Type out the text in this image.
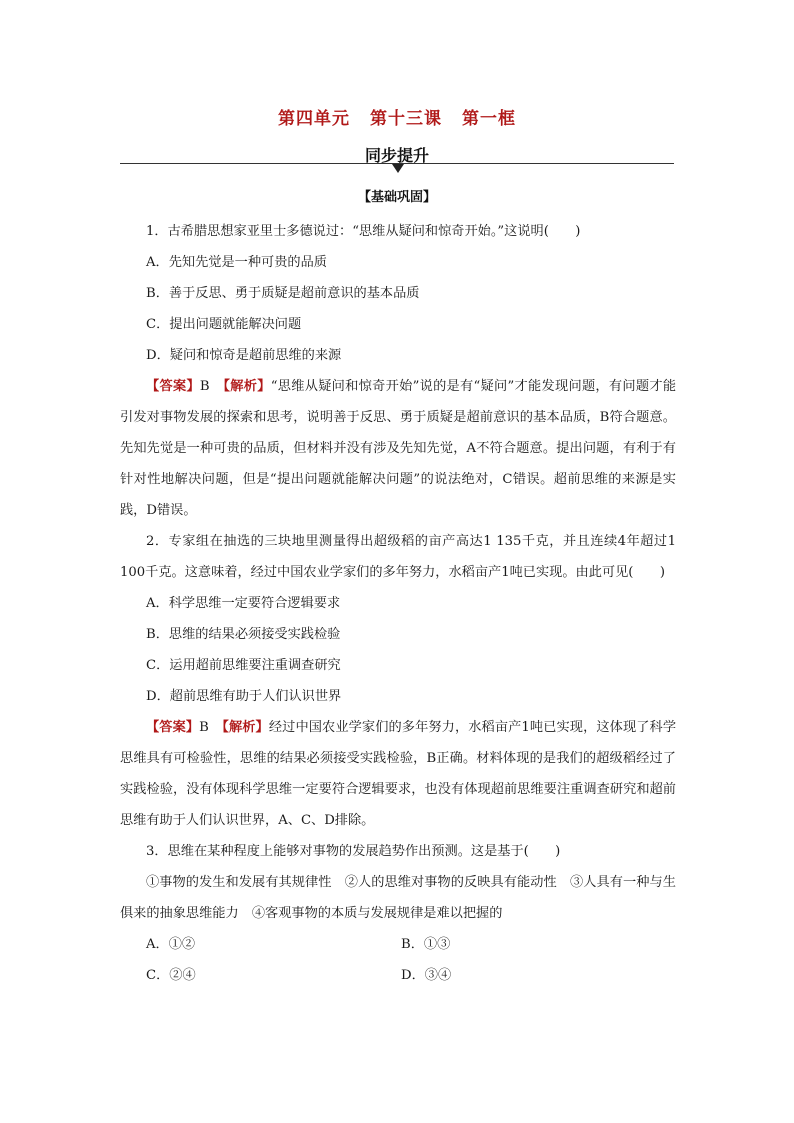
第四单元 第十三课 第一框
同步提升
【基础巩固】

1．古希腊思想家亚里士多德说过：“思维从疑问和惊奇开始。”这说明(　　)

A．先知先觉是一种可贵的品质

B．善于反思、勇于质疑是超前意识的基本品质

C．提出问题就能解决问题

D．疑问和惊奇是超前思维的来源

【答案】B　 【解析】“思维从疑问和惊奇开始”说的是有“疑问”才能发现问题，有问题才能引发对事物发展的探索和思考，说明善于反思、勇于质疑是超前意识的基本品质，B符合题意。先知先觉是一种可贵的品质，但材料并没有涉及先知先觉，A不符合题意。提出问题，有利于有针对性地解决问题，但是“提出问题就能解决问题”的说法绝对，C错误。超前思维的来源是实践，D错误。

2．专家组在抽选的三块地里测量得出超级稻的亩产高达1 135千克，并且连续4年超过1 100千克。这意味着，经过中国农业学家们的多年努力，水稻亩产1吨已实现。由此可见(　　)

A．科学思维一定要符合逻辑要求

B．思维的结果必须接受实践检验

C．运用超前思维要注重调查研究

D．超前思维有助于人们认识世界

【答案】B　 【解析】经过中国农业学家们的多年努力，水稻亩产1吨已实现，这体现了科学思维具有可检验性，思维的结果必须接受实践检验，B正确。材料体现的是我们的超级稻经过了实践检验，没有体现科学思维一定要符合逻辑要求，也没有体现超前思维要注重调查研究和超前思维有助于人们认识世界，A、C、D排除。

3．思维在某种程度上能够对事物的发展趋势作出预测。这是基于(　　)

①事物的发生和发展有其规律性　②人的思维对事物的反映具有能动性　③人具有一种与生俱来的抽象思维能力　④客观事物的本质与发展规律是难以把握的

A．①②	B．①③
C．②④	D．③④
